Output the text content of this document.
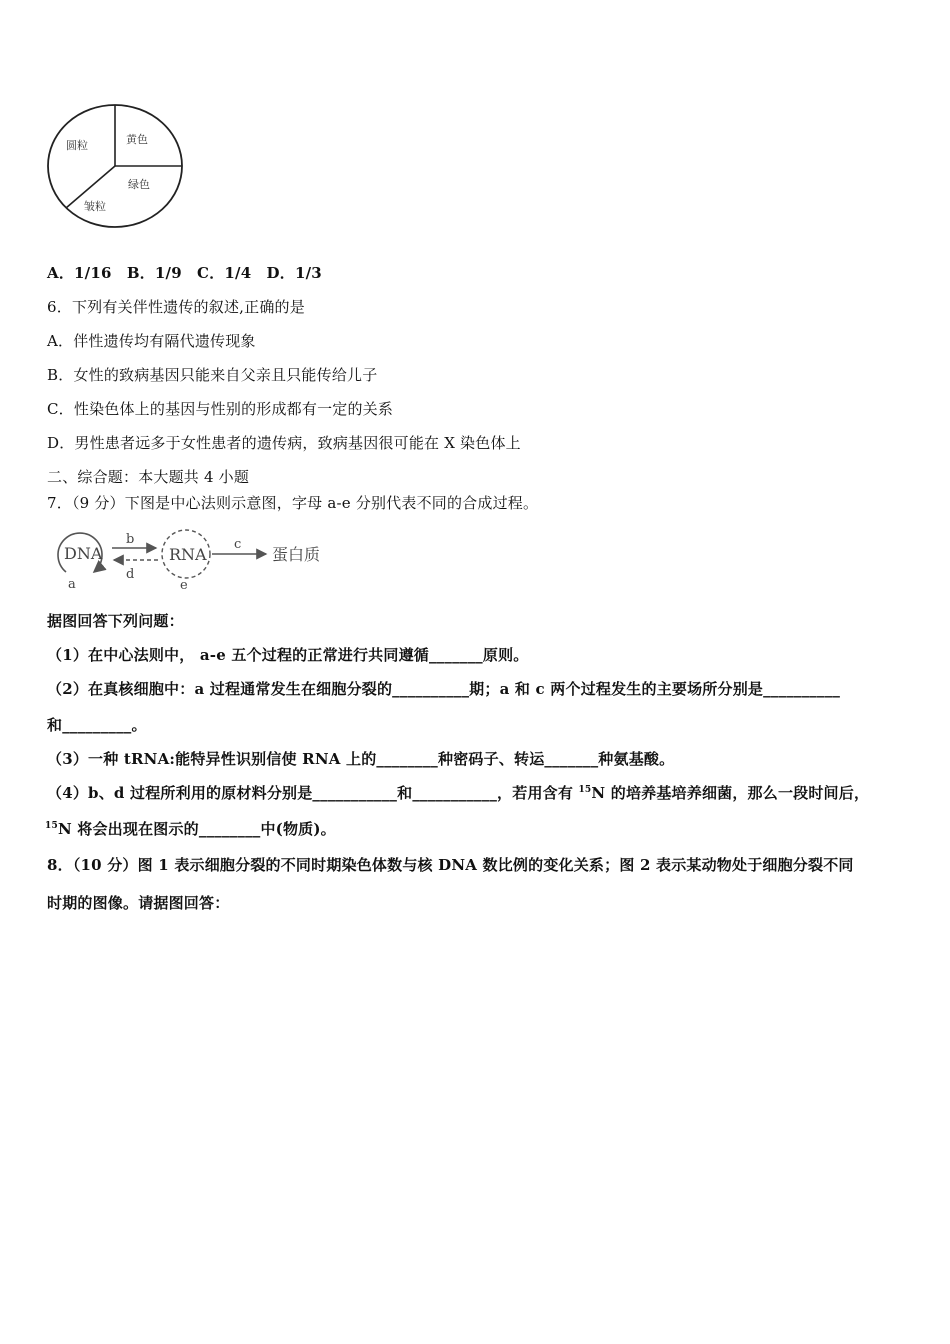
圆粒	黄色
绿色
皱粒
A．1/16　B．1/9　C．1/4　D．1/3
6．下列有关伴性遗传的叙述,正确的是
A．伴性遗传均有隔代遗传现象
B．女性的致病基因只能来自父亲且只能传给儿子
C．性染色体上的基因与性别的形成都有一定的关系
D．男性患者远多于女性患者的遗传病，致病基因很可能在 X 染色体上
二、综合题：本大题共 4 小题
7．（9 分）下图是中心法则示意图，字母 a-e 分别代表不同的合成过程。
DNA
a
b
d
RNA
e
c
蛋白质
据图回答下列问题：
（1）在中心法则中， a-e 五个过程的正常进行共同遵循_______原则。
（2）在真核细胞中：a 过程通常发生在细胞分裂的__________期；a 和 c 两个过程发生的主要场所分别是__________
和_________。
（3）一种 tRNA:能特异性识别信使 RNA 上的________种密码子、转运_______种氨基酸。
（4）b、d 过程所利用的原材料分别是___________和___________，若用含有 $^{15}$N 的培养基培养细菌，那么一段时间后，
$^{15}$N 将会出现在图示的________中(物质)。
8．（10 分）图 1 表示细胞分裂的不同时期染色体数与核 DNA 数比例的变化关系；图 2 表示某动物处于细胞分裂不同
时期的图像。请据图回答：
